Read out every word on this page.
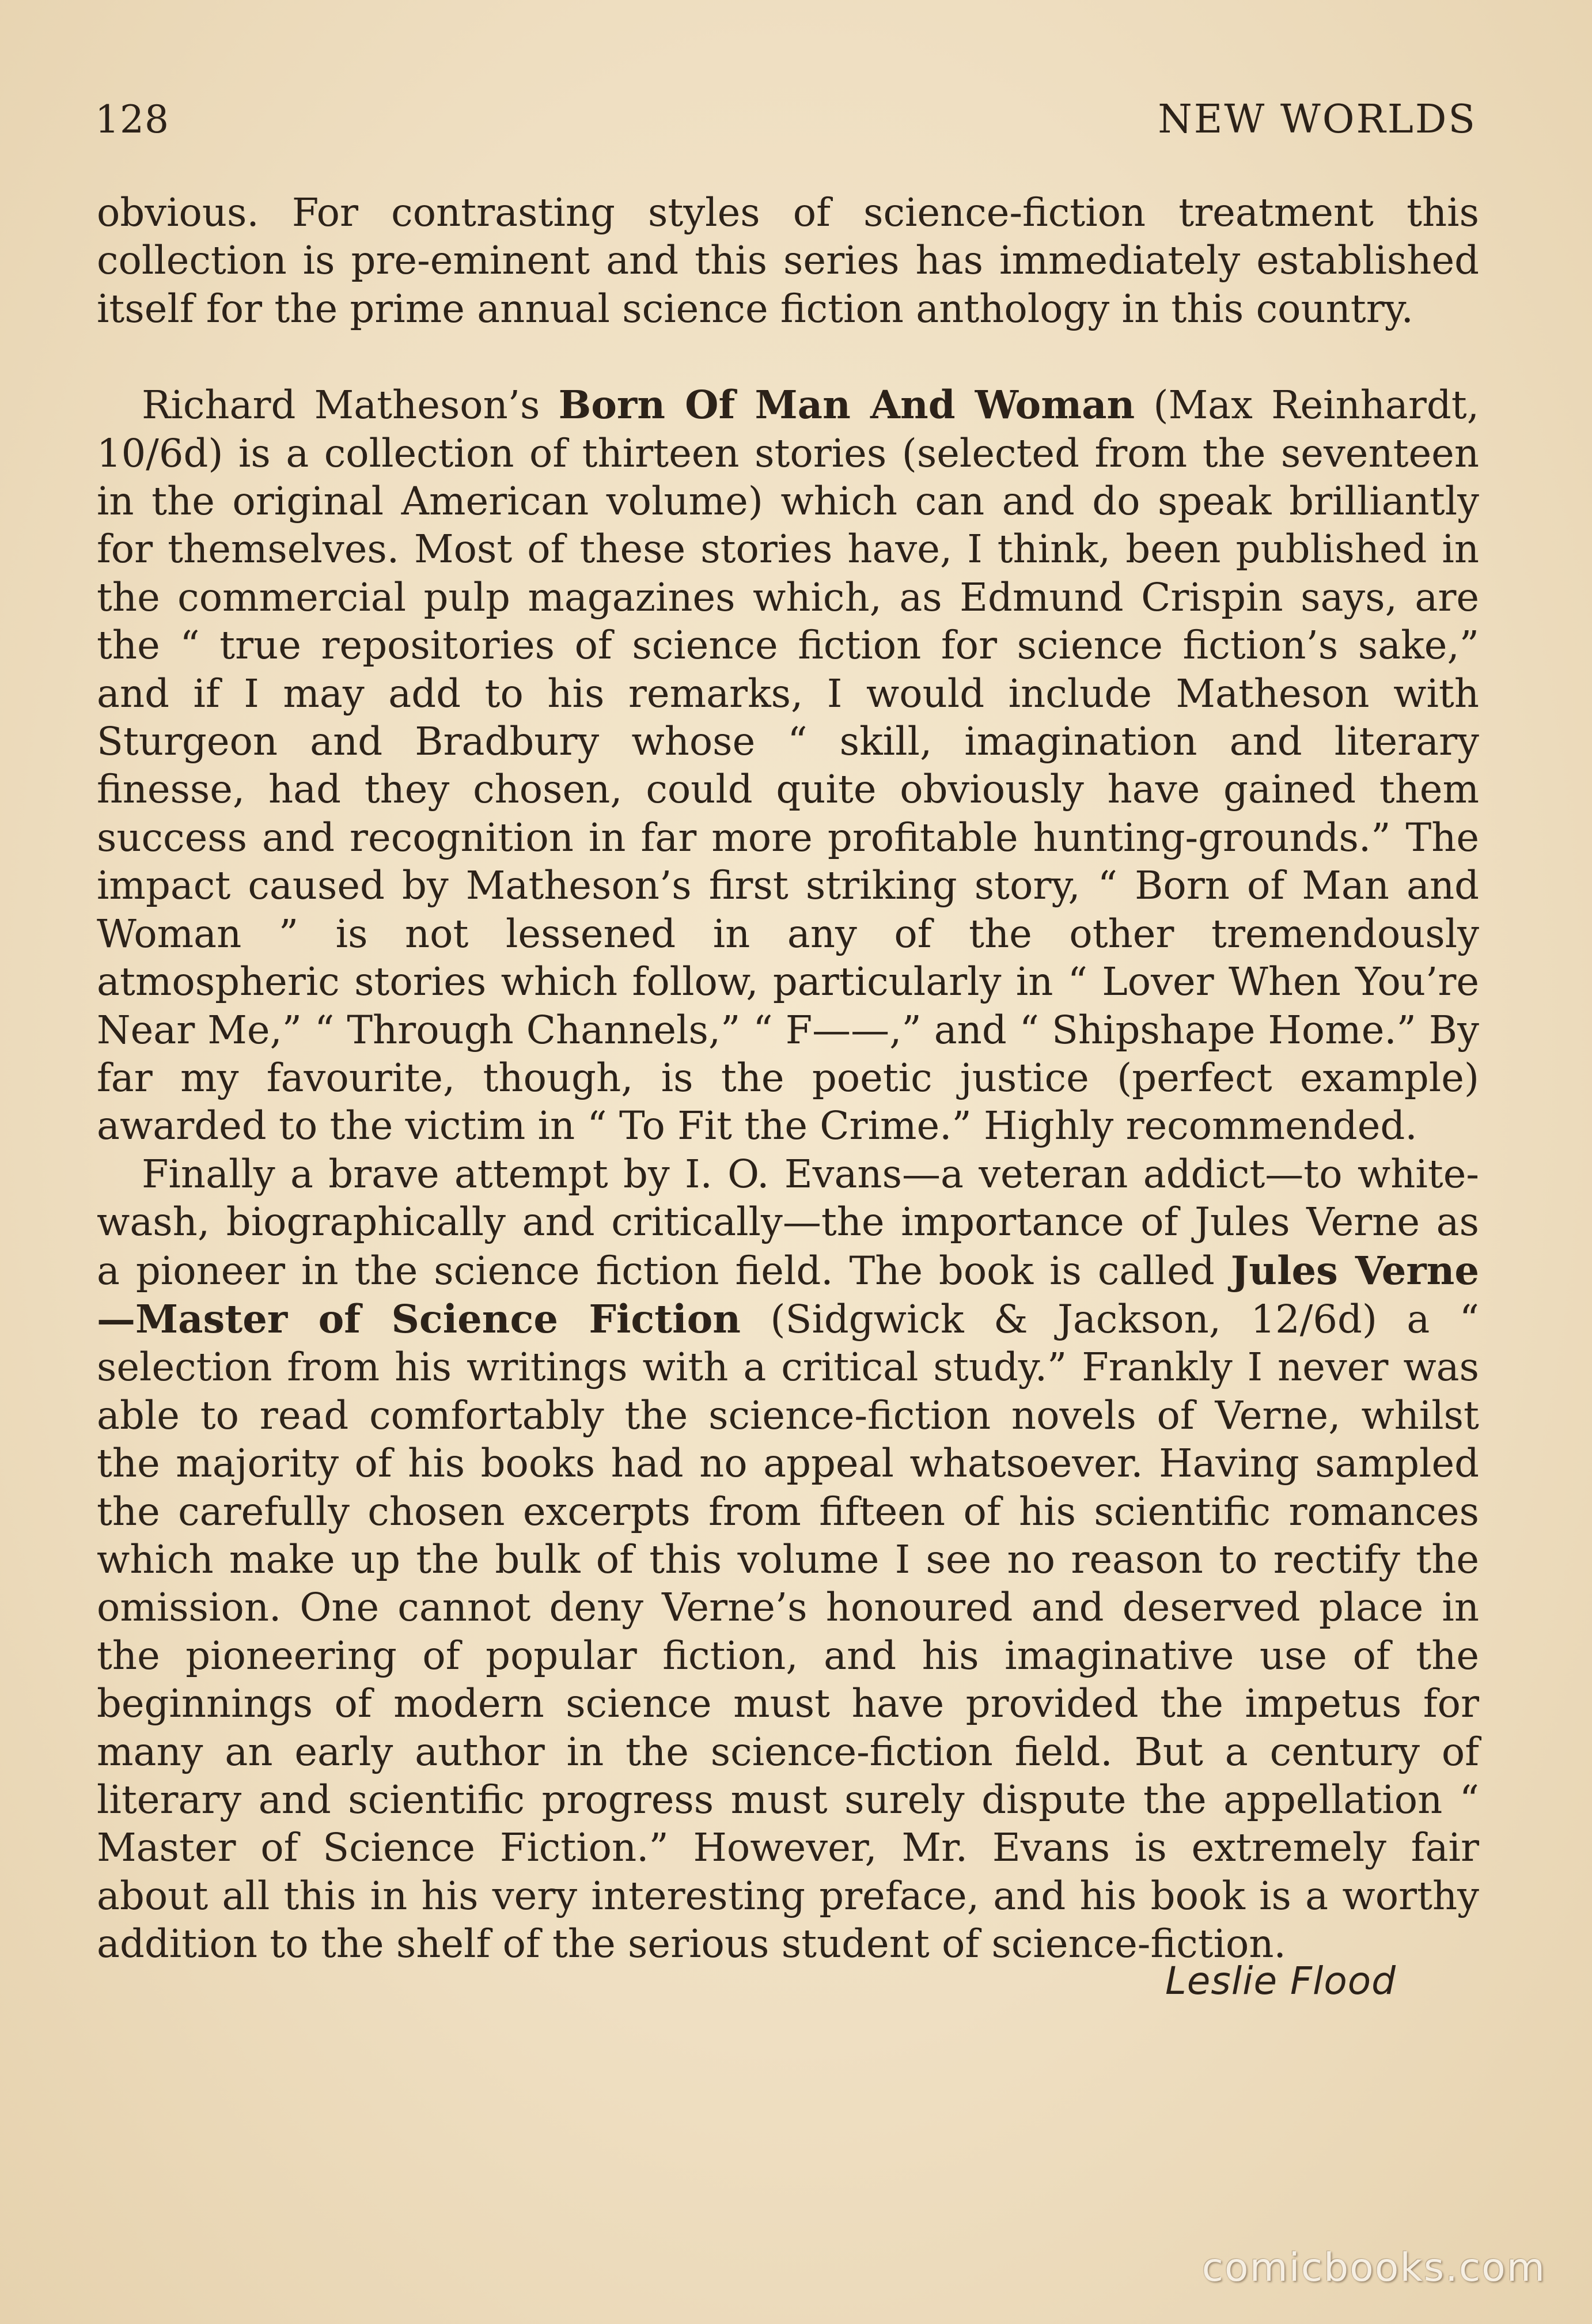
128	NEW WORLDS

obvious. For contrasting styles of science-fiction treatment this collection is pre-eminent and this series has immediately established itself for the prime annual science fiction anthology in this country.

Richard Matheson’s Born Of Man And Woman (Max Reinhardt, 10/6d) is a collection of thirteen stories (selected from the seventeen in the original American volume) which can and do speak brilliantly for themselves. Most of these stories have, I think, been published in the commercial pulp magazines which, as Edmund Crispin says, are the “ true repositories of science fiction for science fiction’s sake,” and if I may add to his remarks, I would include Matheson with Sturgeon and Bradbury whose “ skill, imagination and literary finesse, had they chosen, could quite obviously have gained them success and recognition in far more profitable hunting-grounds.” The impact caused by Matheson’s first striking story, “ Born of Man and Woman ” is not lessened in any of the other tremendously atmospheric stories which follow, particularly in “ Lover When You’re Near Me,” “ Through Channels,” “ F——,” and “ Shipshape Home.” By far my favourite, though, is the poetic justice (perfect example) awarded to the victim in “ To Fit the Crime.” Highly recommended.

Finally a brave attempt by I. O. Evans—a veteran addict—to white-wash, biographically and critically—the importance of Jules Verne as a pioneer in the science fiction field. The book is called Jules Verne —Master of Science Fiction (Sidgwick & Jackson, 12/6d) a “ selection from his writings with a critical study.” Frankly I never was able to read comfortably the science-fiction novels of Verne, whilst the majority of his books had no appeal whatsoever. Having sampled the carefully chosen excerpts from fifteen of his scientific romances which make up the bulk of this volume I see no reason to rectify the omission. One cannot deny Verne’s honoured and deserved place in the pioneering of popular fiction, and his imaginative use of the beginnings of modern science must have provided the impetus for many an early author in the science-fiction field. But a century of literary and scientific progress must surely dispute the appellation “ Master of Science Fiction.” However, Mr. Evans is extremely fair about all this in his very interesting preface, and his book is a worthy addition to the shelf of the serious student of science-fiction.

Leslie Flood
comicbooks.com
